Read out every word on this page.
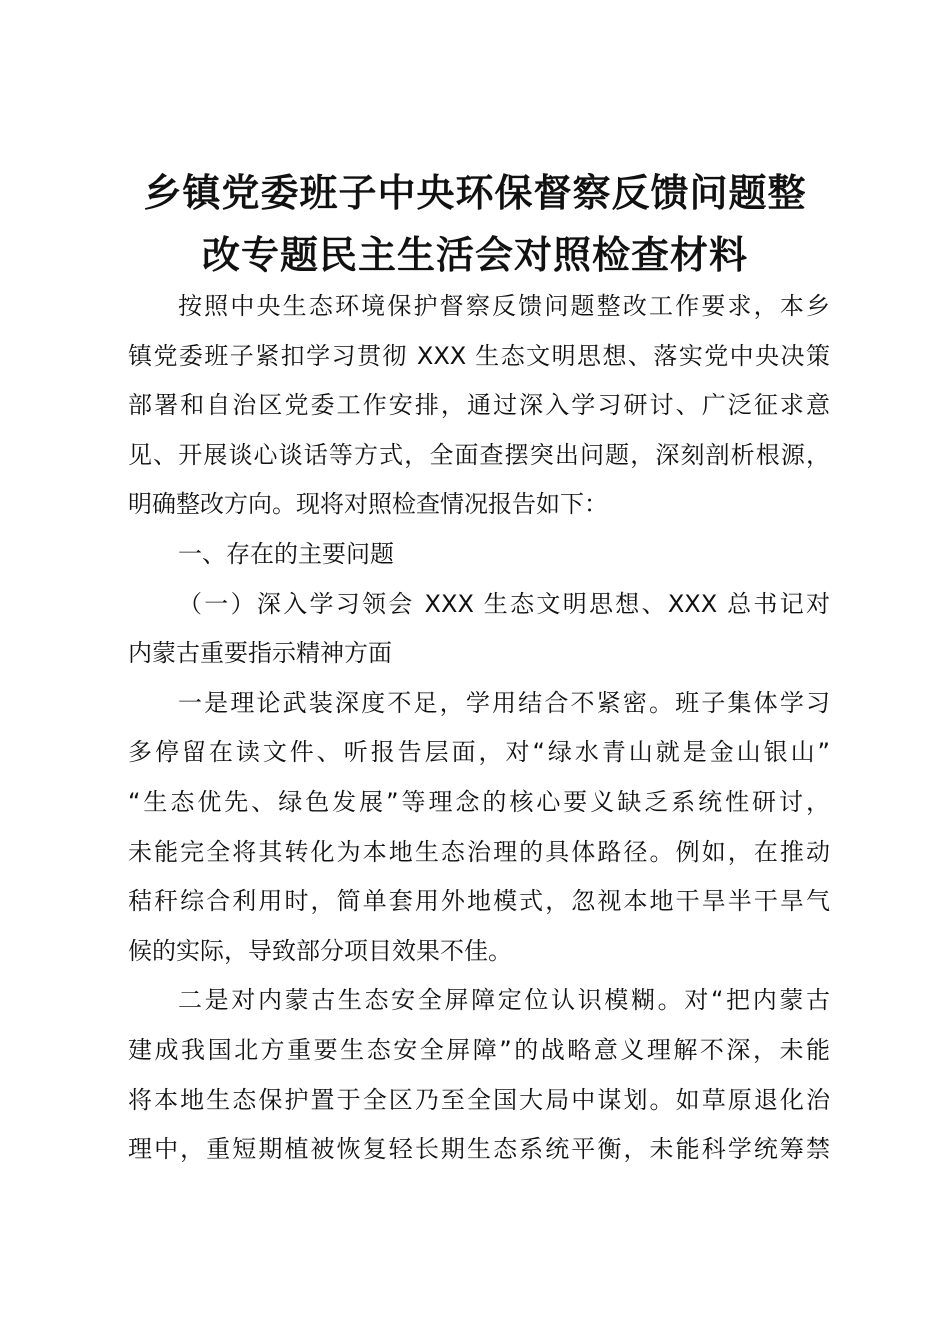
乡镇党委班子中央环保督察反馈问题整
改专题民主生活会对照检查材料
按照中央生态环境保护督察反馈问题整改工作要求，本乡
镇党委班子紧扣学习贯彻 XXX 生态文明思想、落实党中央决策
部署和自治区党委工作安排，通过深入学习研讨、广泛征求意
见、开展谈心谈话等方式，全面查摆突出问题，深刻剖析根源，
明确整改方向。现将对照检查情况报告如下：
一、存在的主要问题
（一）深入学习领会 XXX 生态文明思想、XXX 总书记对
内蒙古重要指示精神方面
一是理论武装深度不足，学用结合不紧密。班子集体学习
多停留在读文件、听报告层面，对“绿水青山就是金山银山”
“生态优先、绿色发展”等理念的核心要义缺乏系统性研讨，
未能完全将其转化为本地生态治理的具体路径。例如，在推动
秸秆综合利用时，简单套用外地模式，忽视本地干旱半干旱气
候的实际，导致部分项目效果不佳。
二是对内蒙古生态安全屏障定位认识模糊。对“把内蒙古
建成我国北方重要生态安全屏障”的战略意义理解不深，未能
将本地生态保护置于全区乃至全国大局中谋划。如草原退化治
理中，重短期植被恢复轻长期生态系统平衡，未能科学统筹禁
